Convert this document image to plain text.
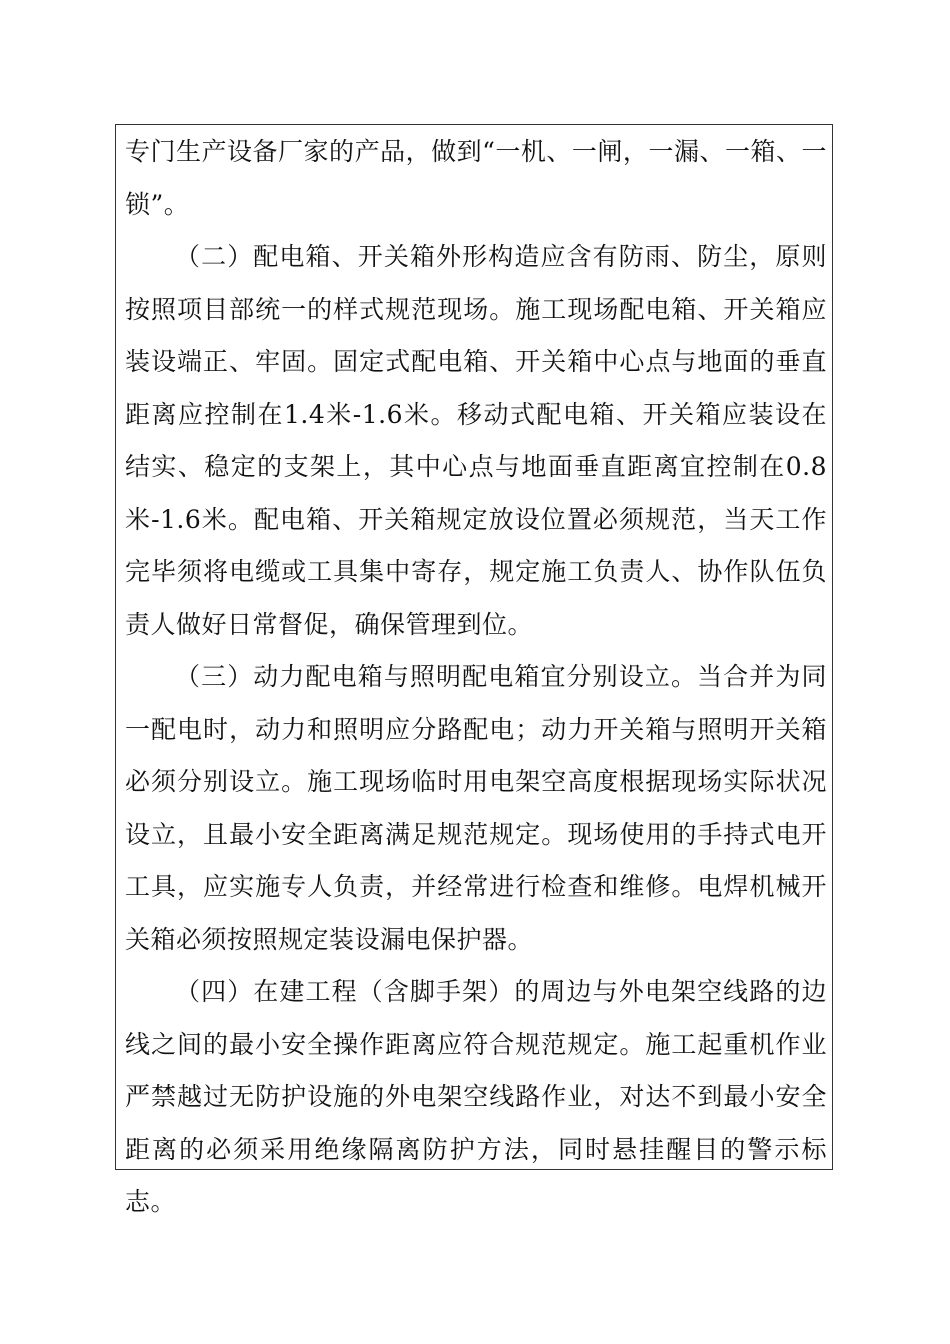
专门生产设备厂家的产品，做到“一机、一闸，一漏、一箱、一锁”。

（二）配电箱、开关箱外形构造应含有防雨、防尘，原则按照项目部统一的样式规范现场。施工现场配电箱、开关箱应装设端正、牢固。固定式配电箱、开关箱中心点与地面的垂直距离应控制在1.4米-1.6米。移动式配电箱、开关箱应装设在结实、稳定的支架上，其中心点与地面垂直距离宜控制在0.8米-1.6米。配电箱、开关箱规定放设位置必须规范，当天工作完毕须将电缆或工具集中寄存，规定施工负责人、协作队伍负责人做好日常督促，确保管理到位。

（三）动力配电箱与照明配电箱宜分别设立。当合并为同一配电时，动力和照明应分路配电；动力开关箱与照明开关箱必须分别设立。施工现场临时用电架空高度根据现场实际状况设立，且最小安全距离满足规范规定。现场使用的手持式电开工具，应实施专人负责，并经常进行检查和维修。电焊机械开关箱必须按照规定装设漏电保护器。

（四）在建工程（含脚手架）的周边与外电架空线路的边线之间的最小安全操作距离应符合规范规定。施工起重机作业严禁越过无防护设施的外电架空线路作业，对达不到最小安全距离的必须采用绝缘隔离防护方法，同时悬挂醒目的警示标志。
